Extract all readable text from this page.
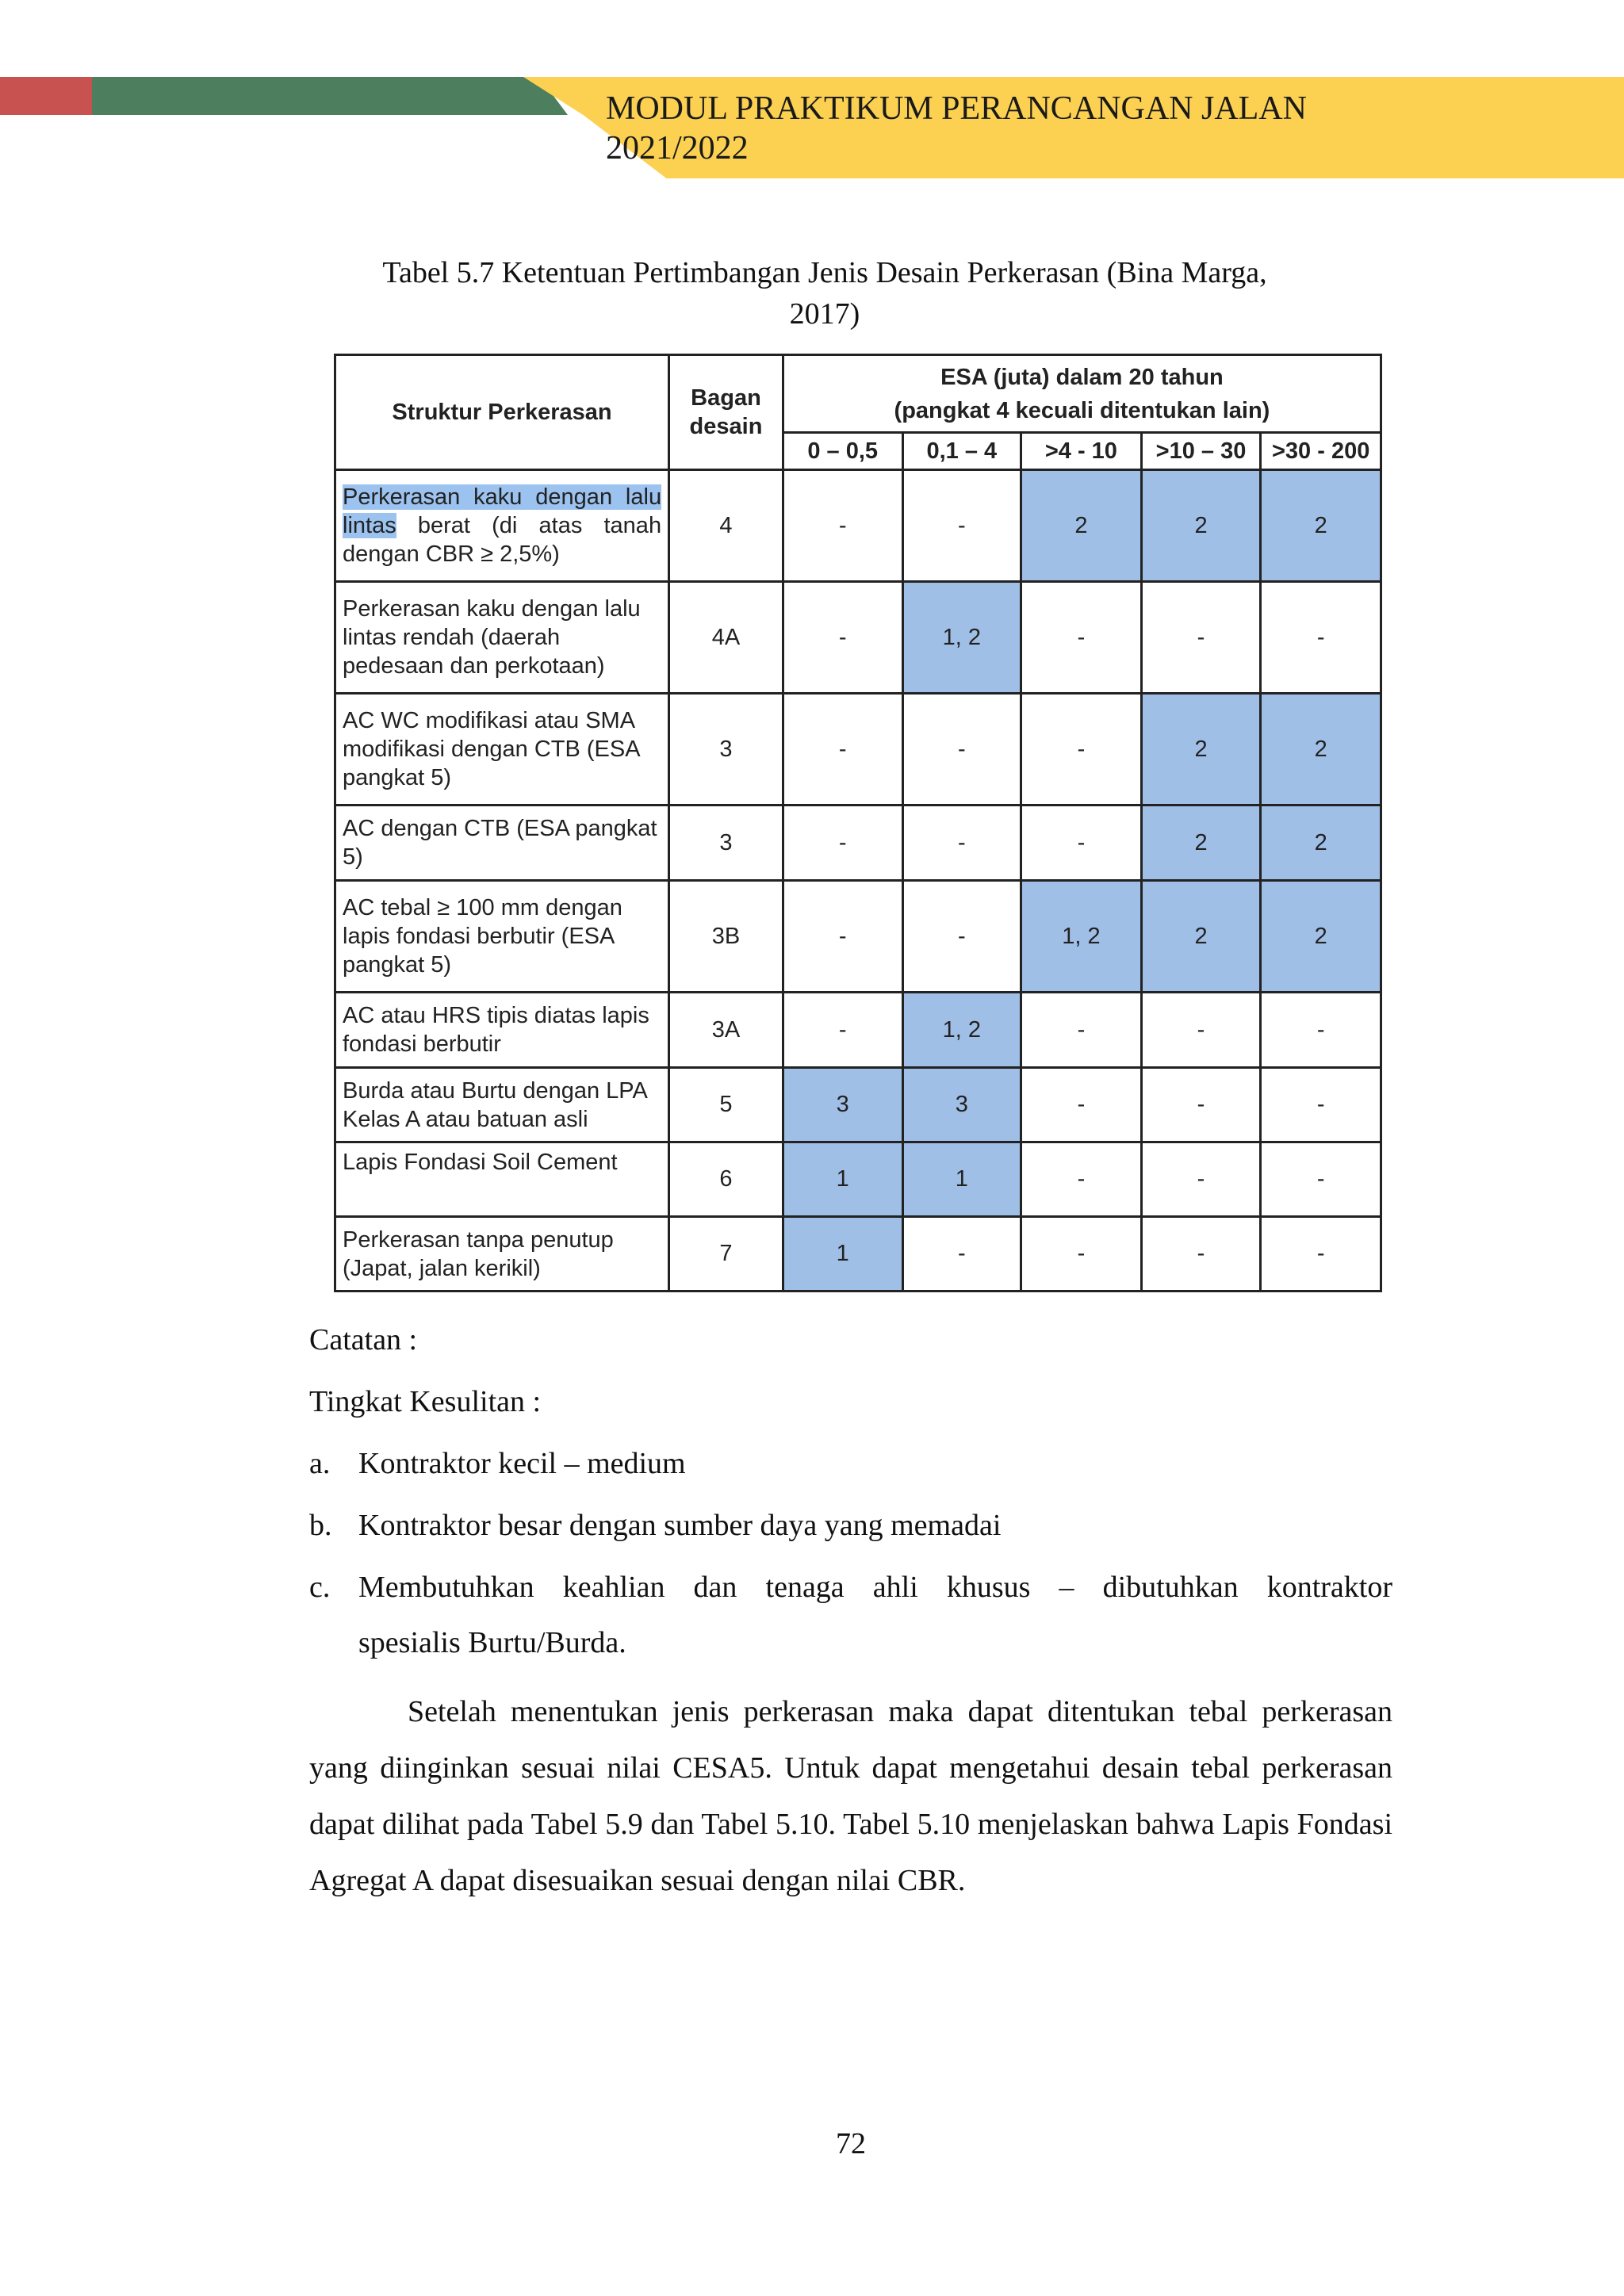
MODUL PRAKTIKUM PERANCANGAN JALAN
2021/2022
Tabel 5.7 Ketentuan Pertimbangan Jenis Desain Perkerasan (Bina Marga,
2017)
Struktur Perkerasan	Bagan desain	ESA (juta) dalam 20 tahun
(pangkat 4 kecuali ditentukan lain)				

		0 – 0,5	0,1 – 4	>4 - 10	>10 – 30	>30 - 200
Perkerasan kaku dengan lalu lintas berat (di atas tanah dengan CBR ≥ 2,5%)	4	-	-	2	2	2
Perkerasan kaku dengan lalu lintas rendah (daerah pedesaan dan perkotaan)	4A	-	1, 2	-	-	-
AC WC modifikasi atau SMA modifikasi dengan CTB (ESA pangkat 5)	3	-	-	-	2	2
AC dengan CTB (ESA pangkat 5)	3	-	-	-	2	2
AC tebal ≥ 100 mm dengan lapis fondasi berbutir (ESA pangkat 5)	3B	-	-	1, 2	2	2
AC atau HRS tipis diatas lapis fondasi berbutir	3A	-	1, 2	-	-	-
Burda atau Burtu dengan LPA Kelas A atau batuan asli	5	3	3	-	-	-
Lapis Fondasi Soil Cement	6	1	1	-	-	-
Perkerasan tanpa penutup (Japat, jalan kerikil)	7	1	-	-	-	-
Catatan :
Tingkat Kesulitan :
a. Kontraktor kecil – medium
b. Kontraktor besar dengan sumber daya yang memadai
c. Membutuhkan keahlian dan tenaga ahli khusus – dibutuhkan kontraktor
spesialis Burtu/Burda.
Setelah menentukan jenis perkerasan maka dapat ditentukan tebal perkerasan yang diinginkan sesuai nilai CESA5. Untuk dapat mengetahui desain tebal perkerasan dapat dilihat pada Tabel 5.9 dan Tabel 5.10. Tabel 5.10 menjelaskan bahwa Lapis Fondasi Agregat A dapat disesuaikan sesuai dengan nilai CBR.
72
